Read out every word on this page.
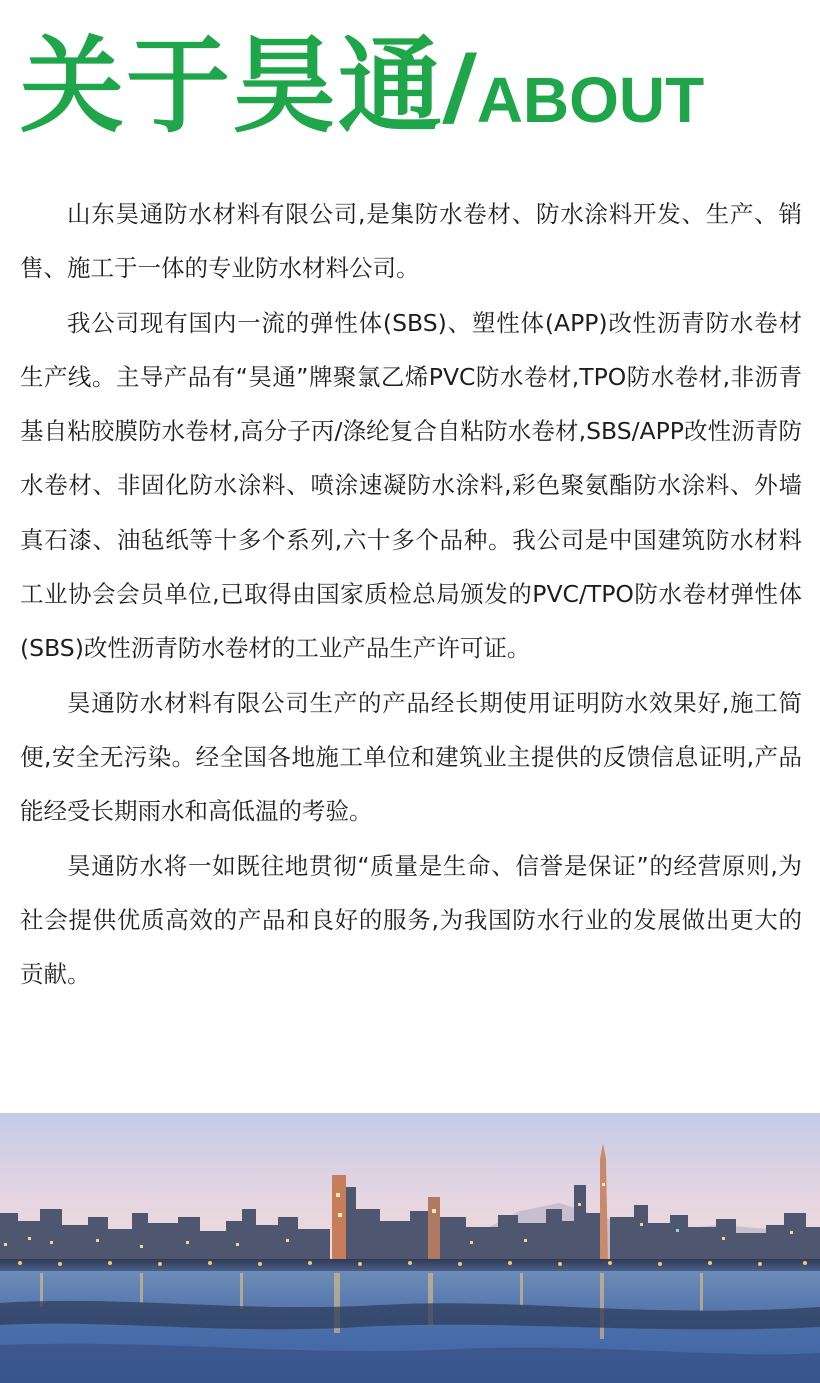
关于昊通
/
ABOUT

山东昊通防水材料有限公司,是集防水卷材、防水涂料开发、生产、销售、施工于一体的专业防水材料公司。

我公司现有国内一流的弹性体(SBS)、塑性体(APP)改性沥青防水卷材生产线。主导产品有“昊通”牌聚氯乙烯PVC防水卷材,TPO防水卷材,非沥青基自粘胶膜防水卷材,高分子丙/涤纶复合自粘防水卷材,SBS/APP改性沥青防水卷材、非固化防水涂料、喷涂速凝防水涂料,彩色聚氨酯防水涂料、外墙真石漆、油毡纸等十多个系列,六十多个品种。我公司是中国建筑防水材料工业协会会员单位,已取得由国家质检总局颁发的PVC/TPO防水卷材弹性体(SBS)改性沥青防水卷材的工业产品生产许可证。

昊通防水材料有限公司生产的产品经长期使用证明防水效果好,施工简便,安全无污染。经全国各地施工单位和建筑业主提供的反馈信息证明,产品能经受长期雨水和高低温的考验。

昊通防水将一如既往地贯彻“质量是生命、信誉是保证”的经营原则,为社会提供优质高效的产品和良好的服务,为我国防水行业的发展做出更大的贡献。
